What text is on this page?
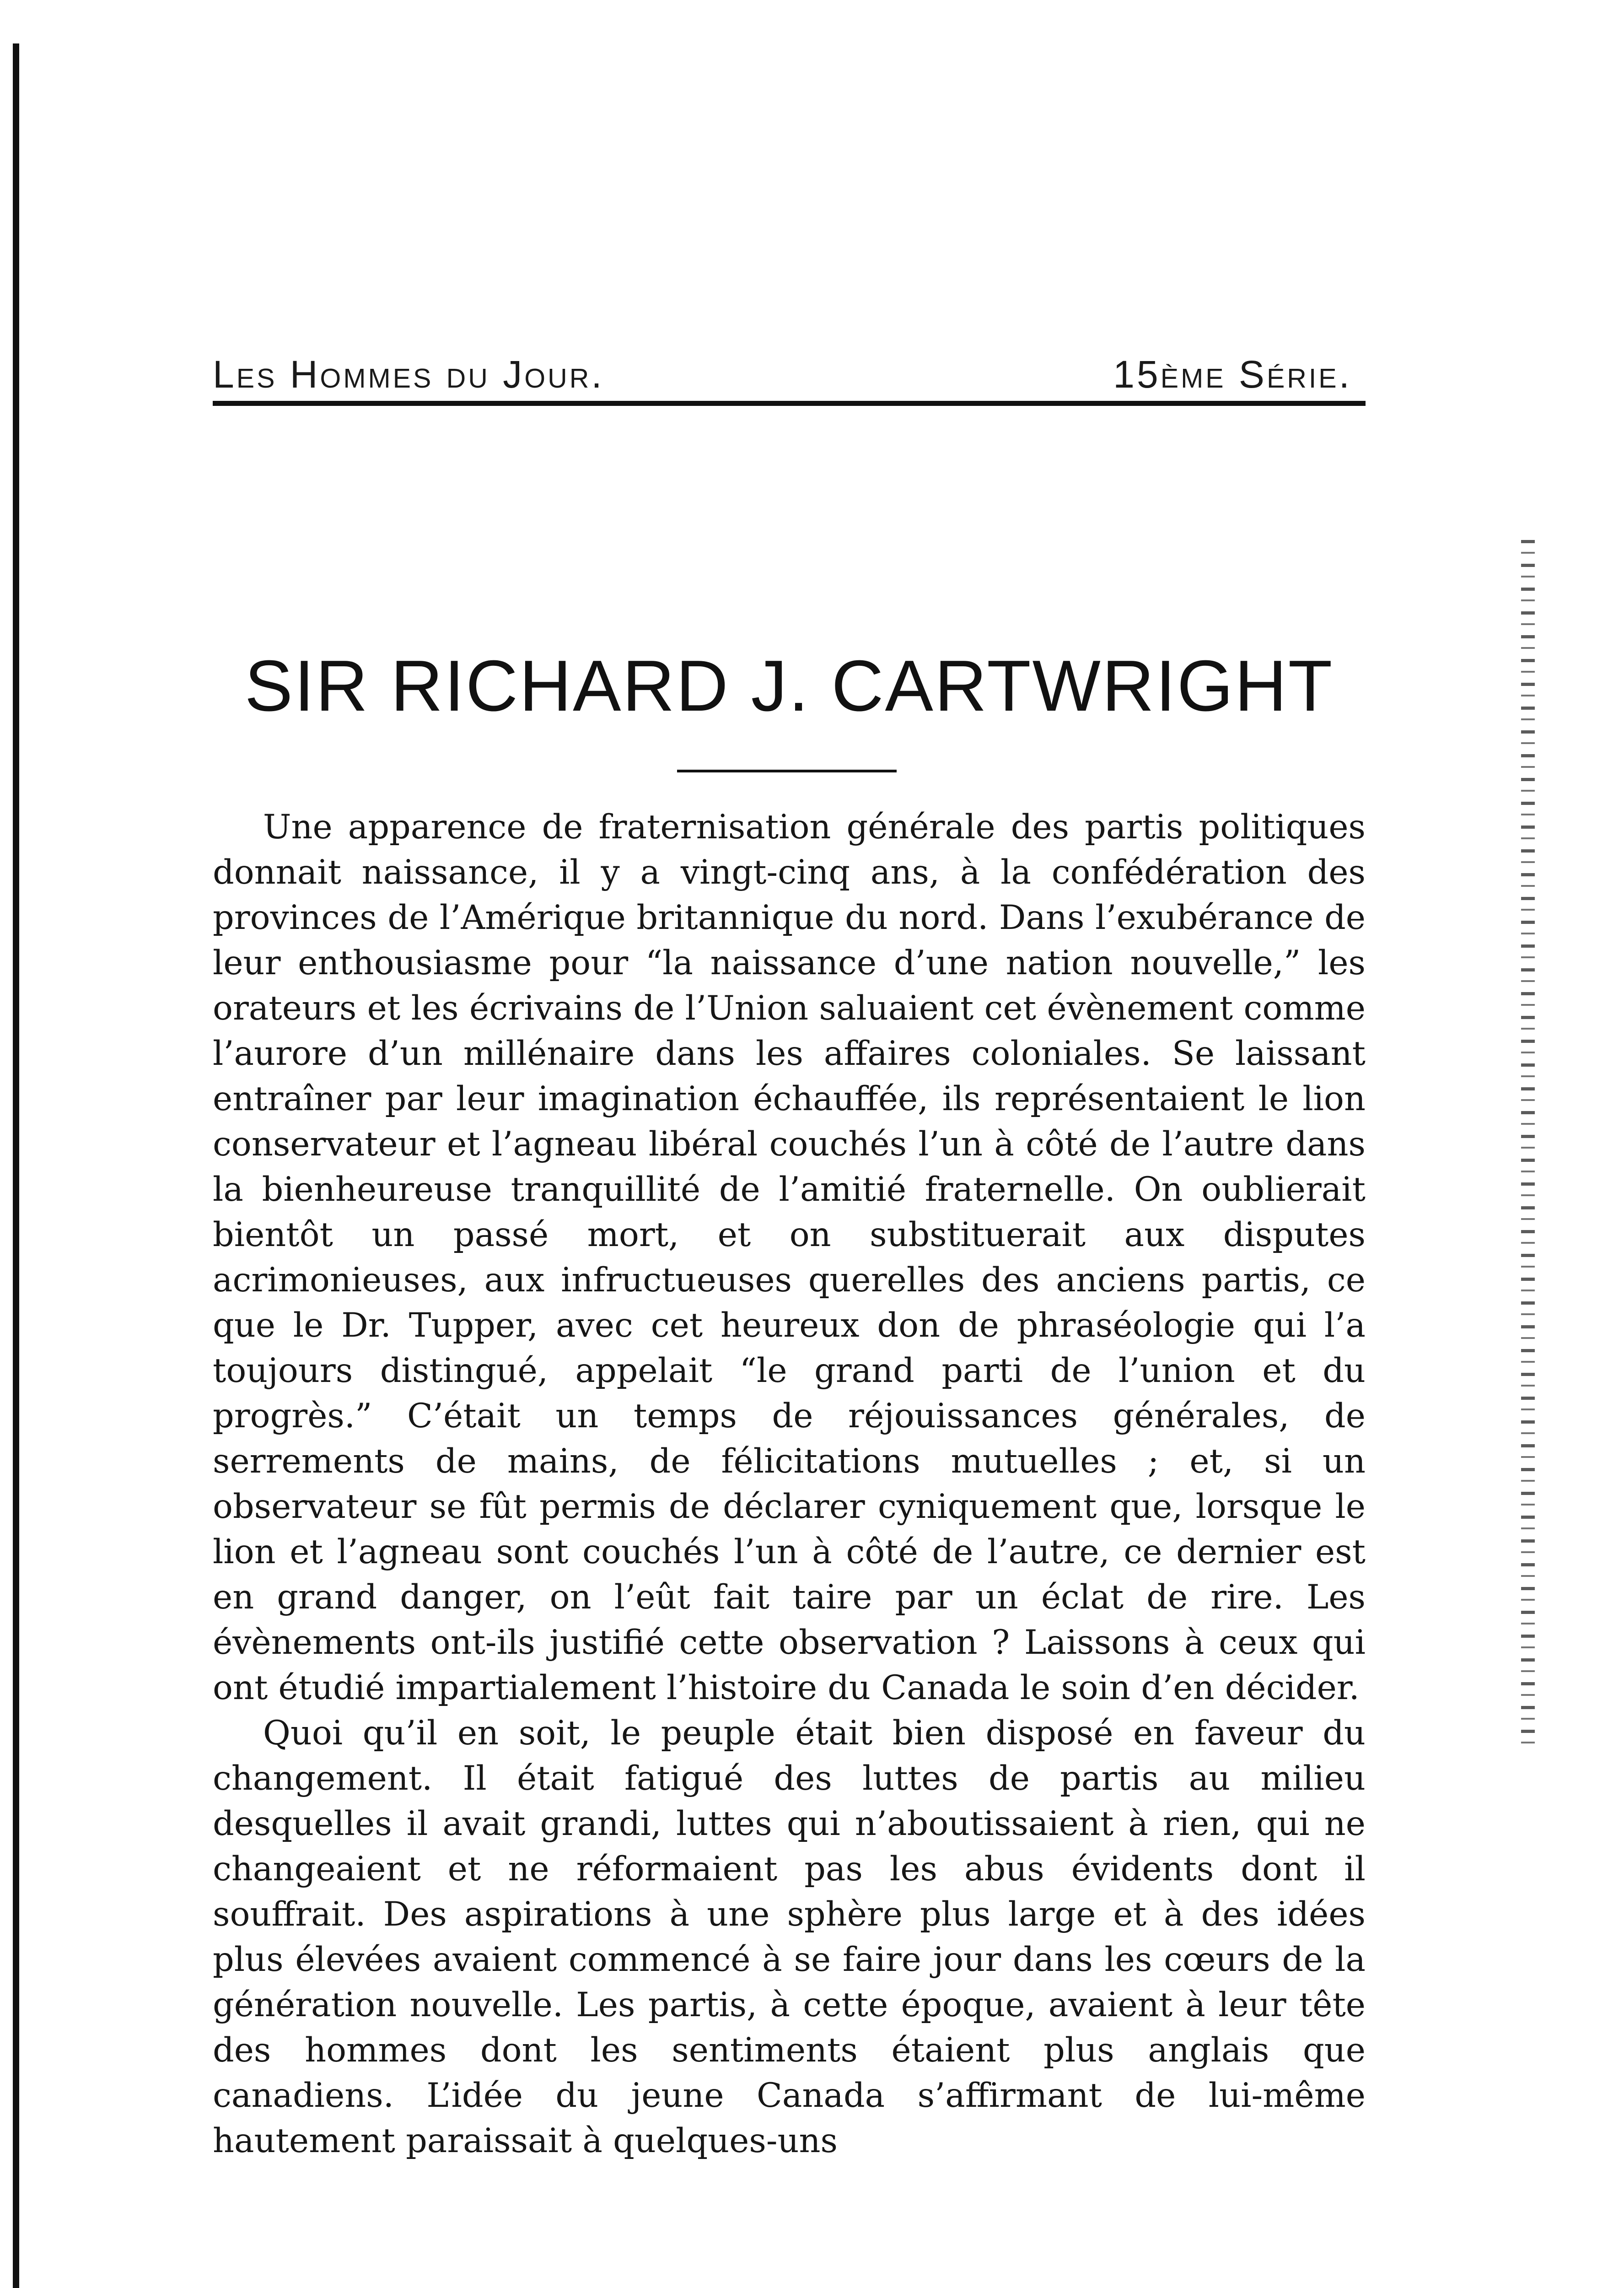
Les Hommes du Jour.	15ème Série.
SIR RICHARD J. CARTWRIGHT

Une apparence de fraternisation générale des partis politiques donnait naissance, il y a vingt-cinq ans, à la confédération des provinces de l’Amérique britannique du nord. Dans l’exubérance de leur enthousiasme pour “la naissance d’une nation nouvelle,” les orateurs et les écrivains de l’Union saluaient cet évènement comme l’aurore d’un millénaire dans les affaires coloniales. Se laissant entraîner par leur imagination échauffée, ils représentaient le lion conservateur et l’agneau libéral couchés l’un à côté de l’autre dans la bienheureuse tranquillité de l’amitié fraternelle. On oublierait bientôt un passé mort, et on substituerait aux disputes acrimonieuses, aux infructueuses querelles des anciens partis, ce que le Dr. Tupper, avec cet heureux don de phraséologie qui l’a toujours distingué, appelait “le grand parti de l’union et du progrès.” C’était un temps de réjouissances générales, de serrements de mains, de félicitations mutuelles ; et, si un observateur se fût permis de déclarer cyniquement que, lorsque le lion et l’agneau sont couchés l’un à côté de l’autre, ce dernier est en grand danger, on l’eût fait taire par un éclat de rire. Les évènements ont-ils justifié cette observation ? Laissons à ceux qui ont étudié impartialement l’histoire du Canada le soin d’en décider.

Quoi qu’il en soit, le peuple était bien disposé en faveur du changement. Il était fatigué des luttes de partis au milieu desquelles il avait grandi, luttes qui n’aboutissaient à rien, qui ne changeaient et ne réformaient pas les abus évidents dont il souffrait. Des aspirations à une sphère plus large et à des idées plus élevées avaient commencé à se faire jour dans les cœurs de la génération nouvelle. Les partis, à cette époque, avaient à leur tête des hommes dont les sentiments étaient plus anglais que canadiens. L’idée du jeune Canada s’affirmant de lui-même hautement paraissait à quelques-uns
